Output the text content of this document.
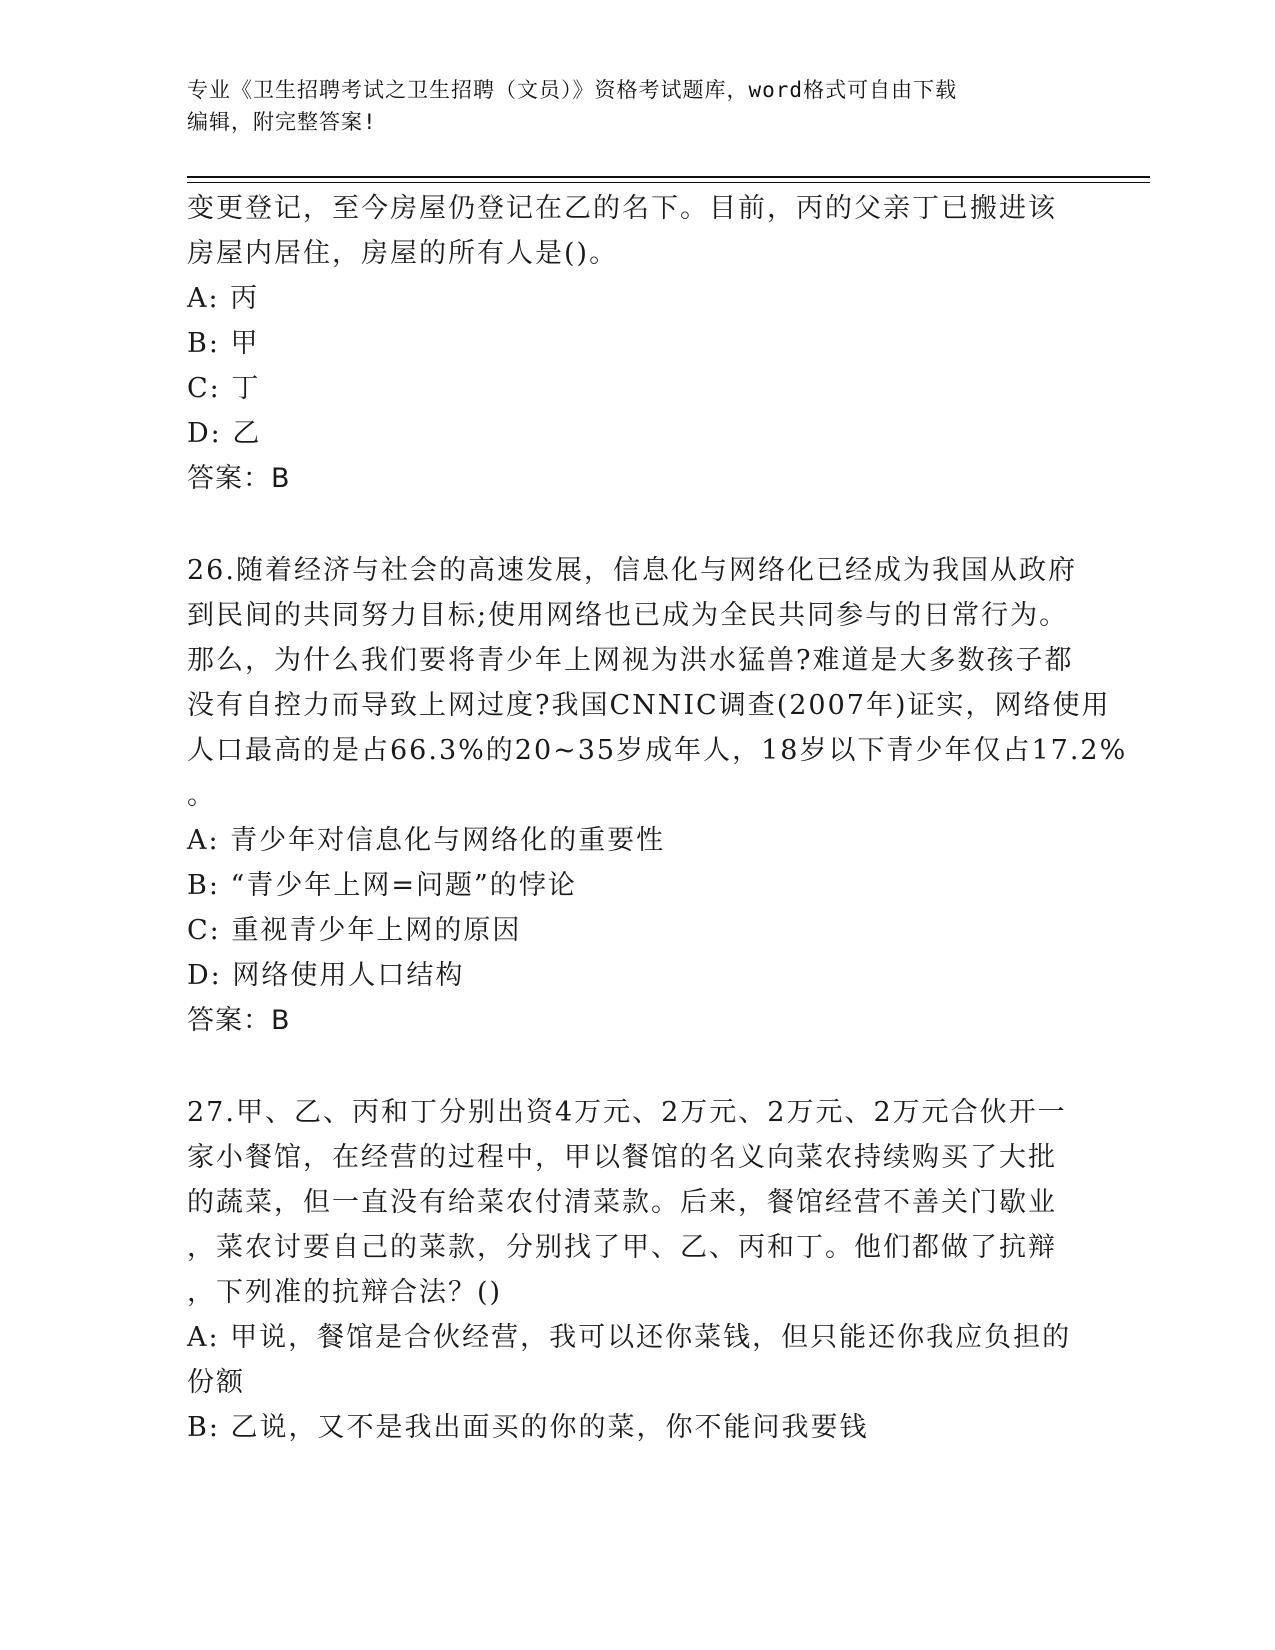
专业《卫生招聘考试之卫生招聘（文员）》资格考试题库，word格式可自由下载
编辑，附完整答案!
变更登记，至今房屋仍登记在乙的名下。目前，丙的父亲丁已搬进该
房屋内居住，房屋的所有人是()。
A: 丙
B: 甲
C: 丁
D: 乙
答案：B
26.随着经济与社会的高速发展，信息化与网络化已经成为我国从政府
到民间的共同努力目标;使用网络也已成为全民共同参与的日常行为。
那么，为什么我们要将青少年上网视为洪水猛兽?难道是大多数孩子都
没有自控力而导致上网过度?我国CNNIC调查(2007年)证实，网络使用
人口最高的是占66.3%的20~35岁成年人，18岁以下青少年仅占17.2%
。
A: 青少年对信息化与网络化的重要性
B: “青少年上网=问题”的悖论
C: 重视青少年上网的原因
D: 网络使用人口结构
答案：B
27.甲、乙、丙和丁分别出资4万元、2万元、2万元、2万元合伙开一
家小餐馆，在经营的过程中，甲以餐馆的名义向菜农持续购买了大批
的蔬菜，但一直没有给菜农付清菜款。后来，餐馆经营不善关门歇业
，菜农讨要自己的菜款，分别找了甲、乙、丙和丁。他们都做了抗辩
，下列准的抗辩合法？()
A: 甲说，餐馆是合伙经营，我可以还你菜钱，但只能还你我应负担的
份额
B: 乙说，又不是我出面买的你的菜，你不能问我要钱
